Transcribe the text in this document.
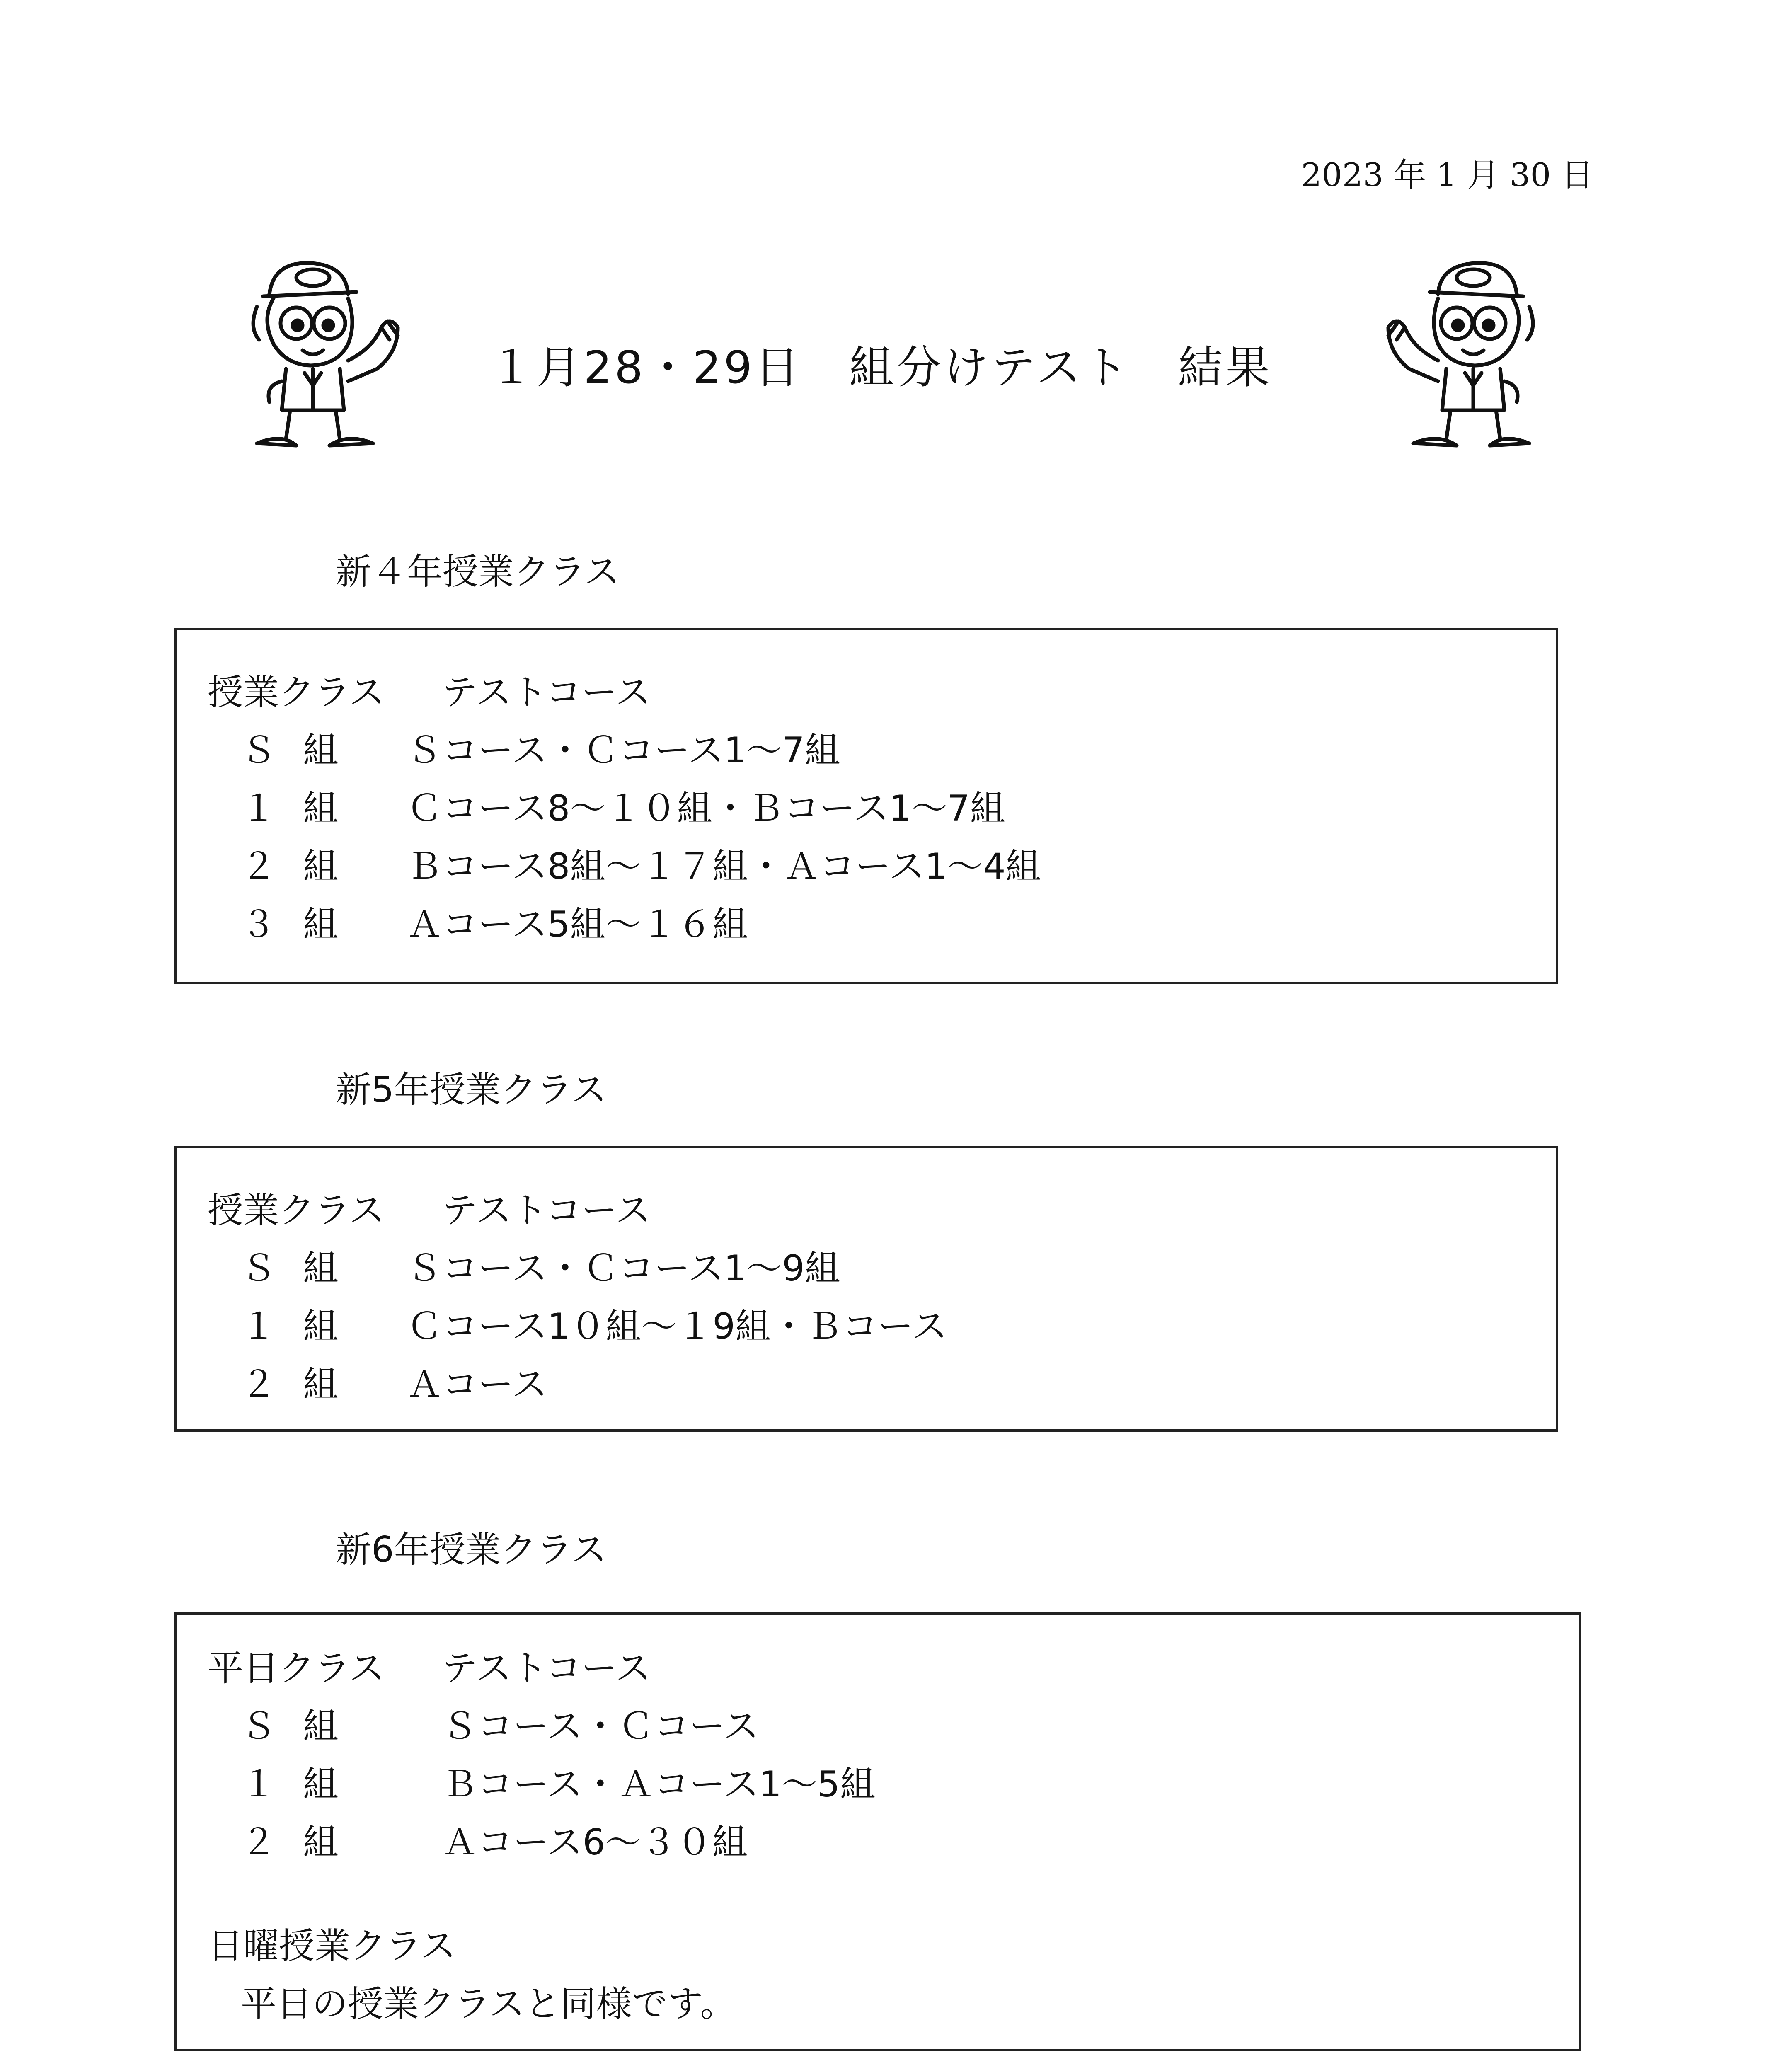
2023 年 1 月 30 日
１月28・29日　組分けテスト　結果
新４年授業クラス
授業クラス テストコース
Ｓ 組 Ｓコース・Ｃコース1～7組
１ 組 Ｃコース8～１０組・Ｂコース1～7組
２ 組 Ｂコース8組～１７組・Ａコース1～4組
３ 組 Ａコース5組～１６組
新5年授業クラス
授業クラス テストコース
Ｓ 組 Ｓコース・Ｃコース1～9組
１ 組 Ｃコース1０組～１9組・Ｂコース
２ 組 Ａコース
新6年授業クラス
平日クラス テストコース
Ｓ 組	Ｓコース・Ｃコース
１ 組	Ｂコース・Ａコース1～5組
２ 組	Ａコース6～３０組
日曜授業クラス
平日の授業クラスと同様です。
